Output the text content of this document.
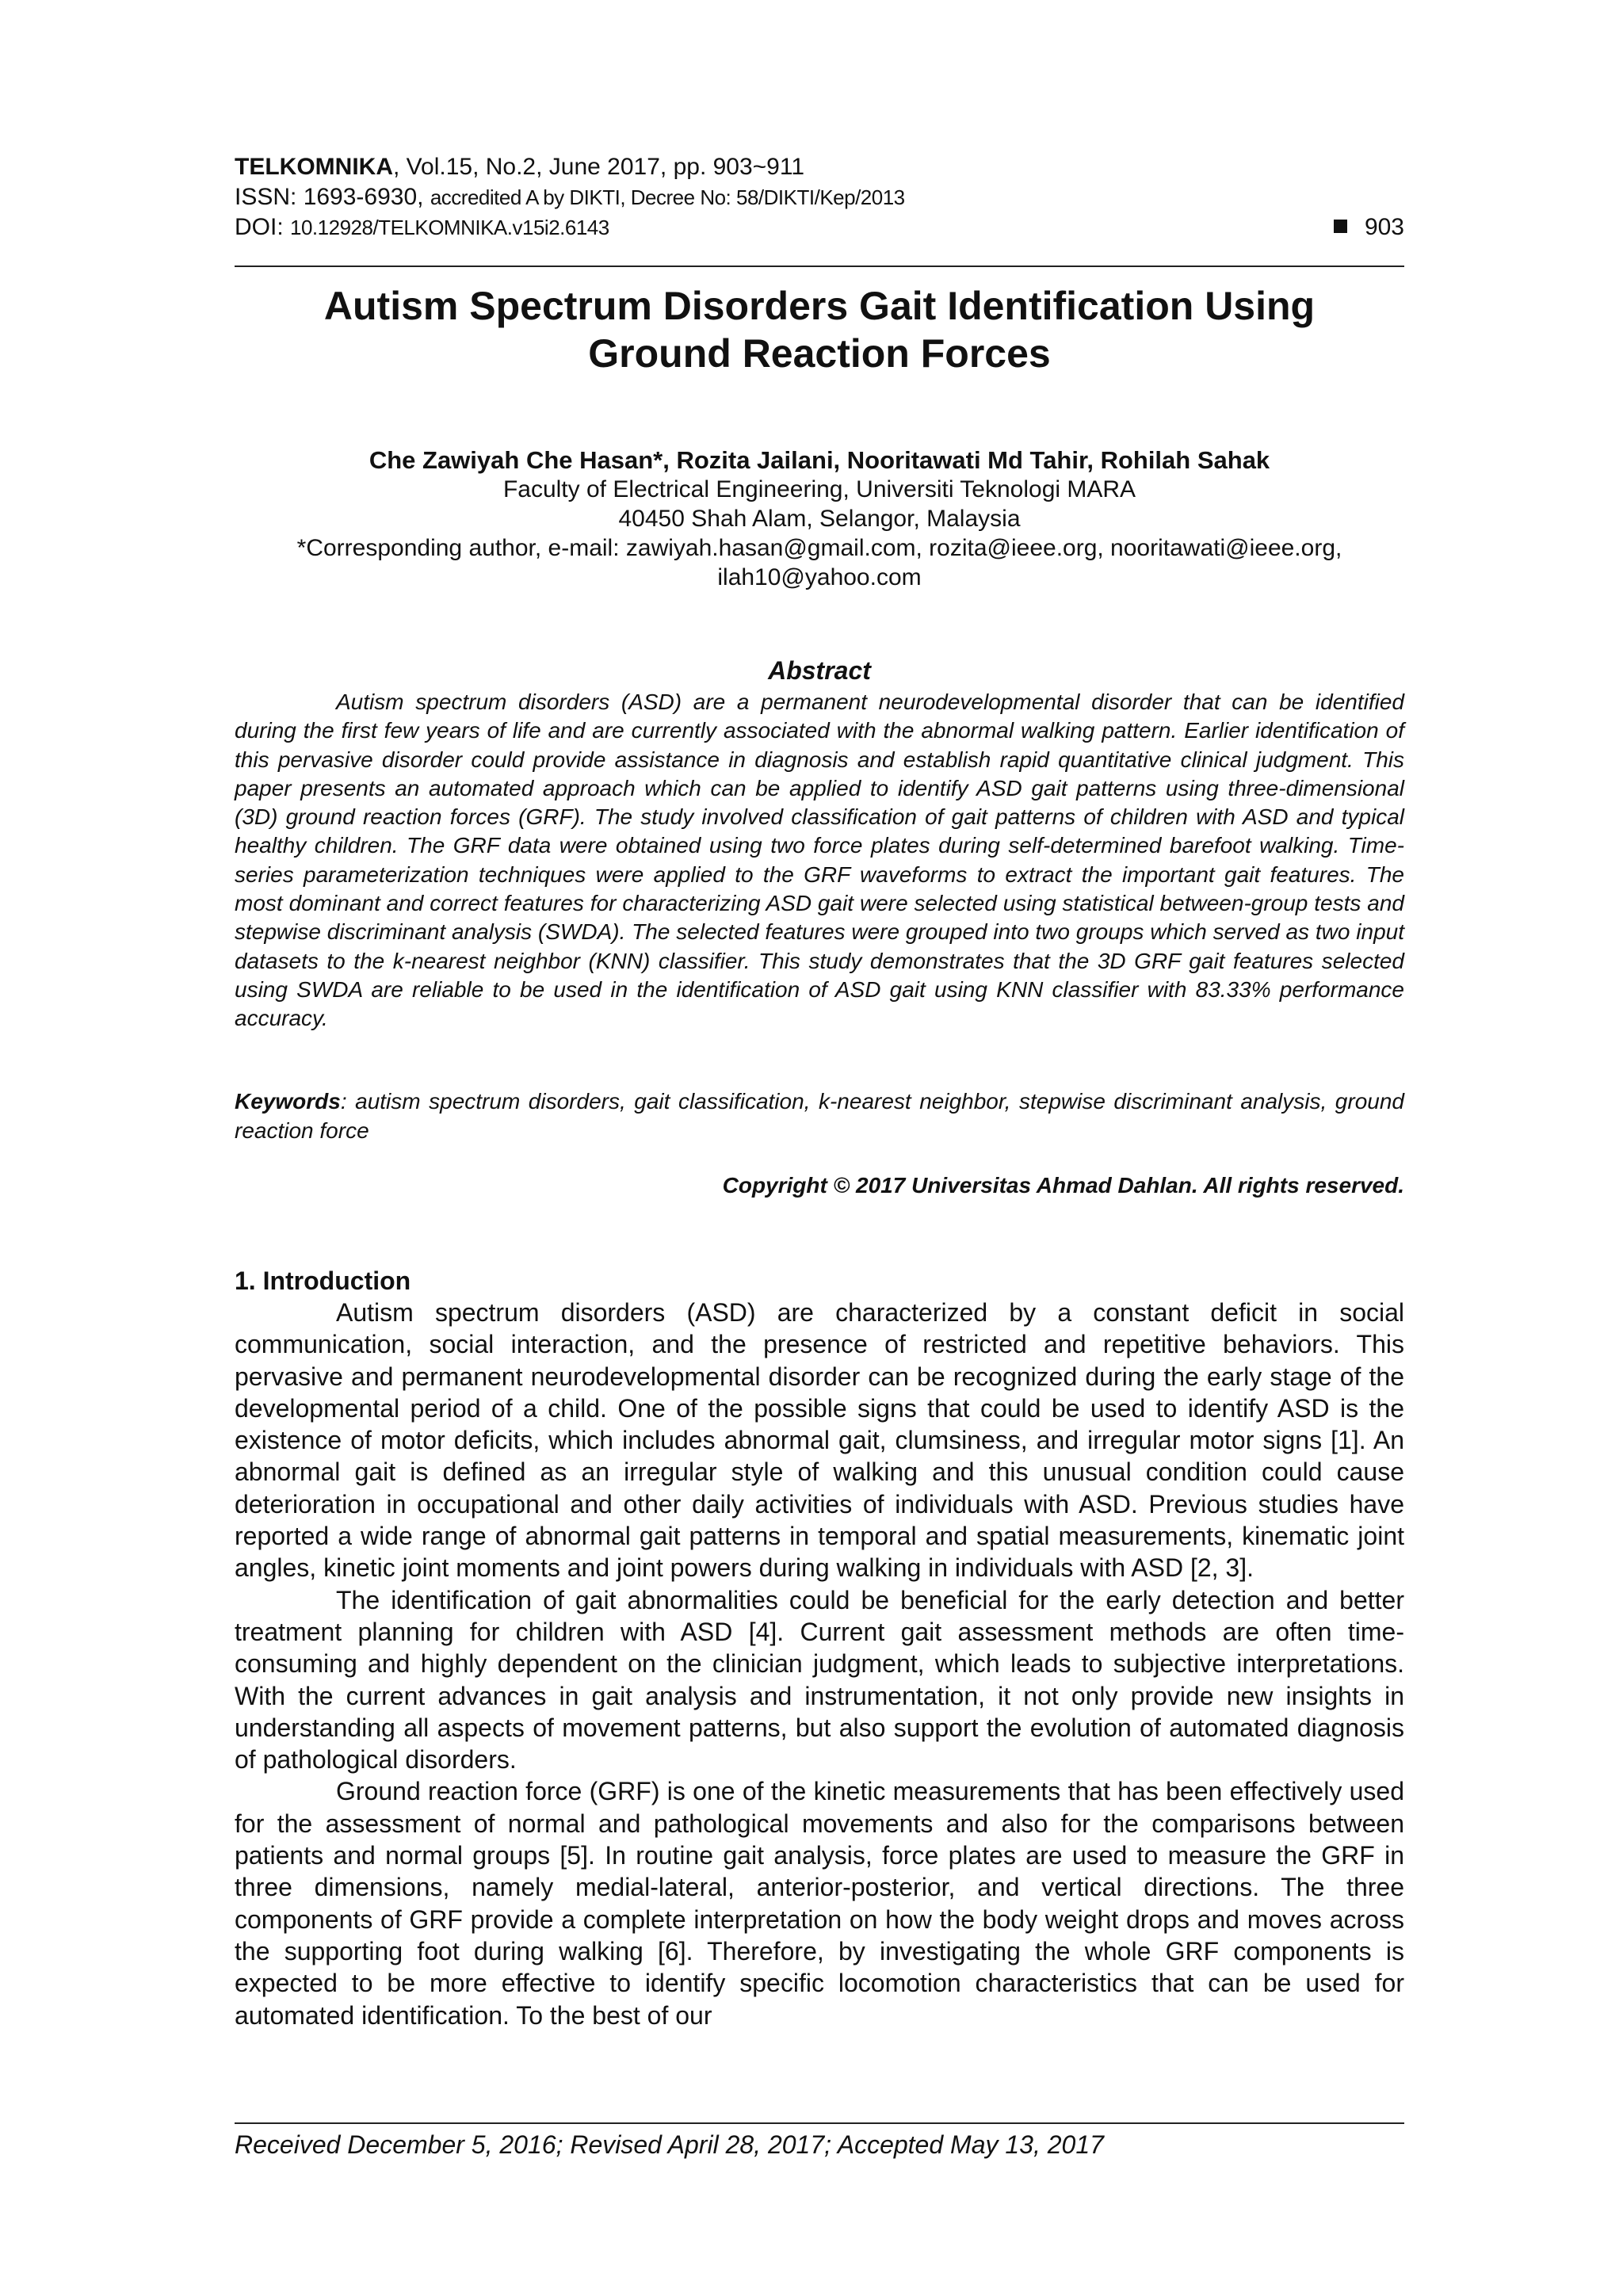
TELKOMNIKA, Vol.15, No.2, June 2017, pp. 903~911
ISSN: 1693-6930, accredited A by DIKTI, Decree No: 58/DIKTI/Kep/2013
DOI: 10.12928/TELKOMNIKA.v15i2.6143	903
Autism Spectrum Disorders Gait Identification Using
Ground Reaction Forces
Che Zawiyah Che Hasan*, Rozita Jailani, Nooritawati Md Tahir, Rohilah Sahak
Faculty of Electrical Engineering, Universiti Teknologi MARA
40450 Shah Alam, Selangor, Malaysia
*Corresponding author, e-mail: zawiyah.hasan@gmail.com, rozita@ieee.org, nooritawati@ieee.org,
ilah10@yahoo.com
Abstract

Autism spectrum disorders (ASD) are a permanent neurodevelopmental disorder that can be identified during the first few years of life and are currently associated with the abnormal walking pattern. Earlier identification of this pervasive disorder could provide assistance in diagnosis and establish rapid quantitative clinical judgment. This paper presents an automated approach which can be applied to identify ASD gait patterns using three-dimensional (3D) ground reaction forces (GRF). The study involved classification of gait patterns of children with ASD and typical healthy children. The GRF data were obtained using two force plates during self-determined barefoot walking. Time-series parameterization techniques were applied to the GRF waveforms to extract the important gait features. The most dominant and correct features for characterizing ASD gait were selected using statistical between-group tests and stepwise discriminant analysis (SWDA). The selected features were grouped into two groups which served as two input datasets to the k-nearest neighbor (KNN) classifier. This study demonstrates that the 3D GRF gait features selected using SWDA are reliable to be used in the identification of ASD gait using KNN classifier with 83.33% performance accuracy.

Keywords: autism spectrum disorders, gait classification, k-nearest neighbor, stepwise discriminant analysis, ground reaction force

Copyright © 2017 Universitas Ahmad Dahlan. All rights reserved.
1. Introduction

Autism spectrum disorders (ASD) are characterized by a constant deficit in social communication, social interaction, and the presence of restricted and repetitive behaviors. This pervasive and permanent neurodevelopmental disorder can be recognized during the early stage of the developmental period of a child. One of the possible signs that could be used to identify ASD is the existence of motor deficits, which includes abnormal gait, clumsiness, and irregular motor signs [1]. An abnormal gait is defined as an irregular style of walking and this unusual condition could cause deterioration in occupational and other daily activities of individuals with ASD. Previous studies have reported a wide range of abnormal gait patterns in temporal and spatial measurements, kinematic joint angles, kinetic joint moments and joint powers during walking in individuals with ASD [2, 3].

The identification of gait abnormalities could be beneficial for the early detection and better treatment planning for children with ASD [4]. Current gait assessment methods are often time-consuming and highly dependent on the clinician judgment, which leads to subjective interpretations. With the current advances in gait analysis and instrumentation, it not only provide new insights in understanding all aspects of movement patterns, but also support the evolution of automated diagnosis of pathological disorders.

Ground reaction force (GRF) is one of the kinetic measurements that has been effectively used for the assessment of normal and pathological movements and also for the comparisons between patients and normal groups [5]. In routine gait analysis, force plates are used to measure the GRF in three dimensions, namely medial-lateral, anterior-posterior, and vertical directions. The three components of GRF provide a complete interpretation on how the body weight drops and moves across the supporting foot during walking [6]. Therefore, by investigating the whole GRF components is expected to be more effective to identify specific locomotion characteristics that can be used for automated identification. To the best of our

Received December 5, 2016; Revised April 28, 2017; Accepted May 13, 2017
